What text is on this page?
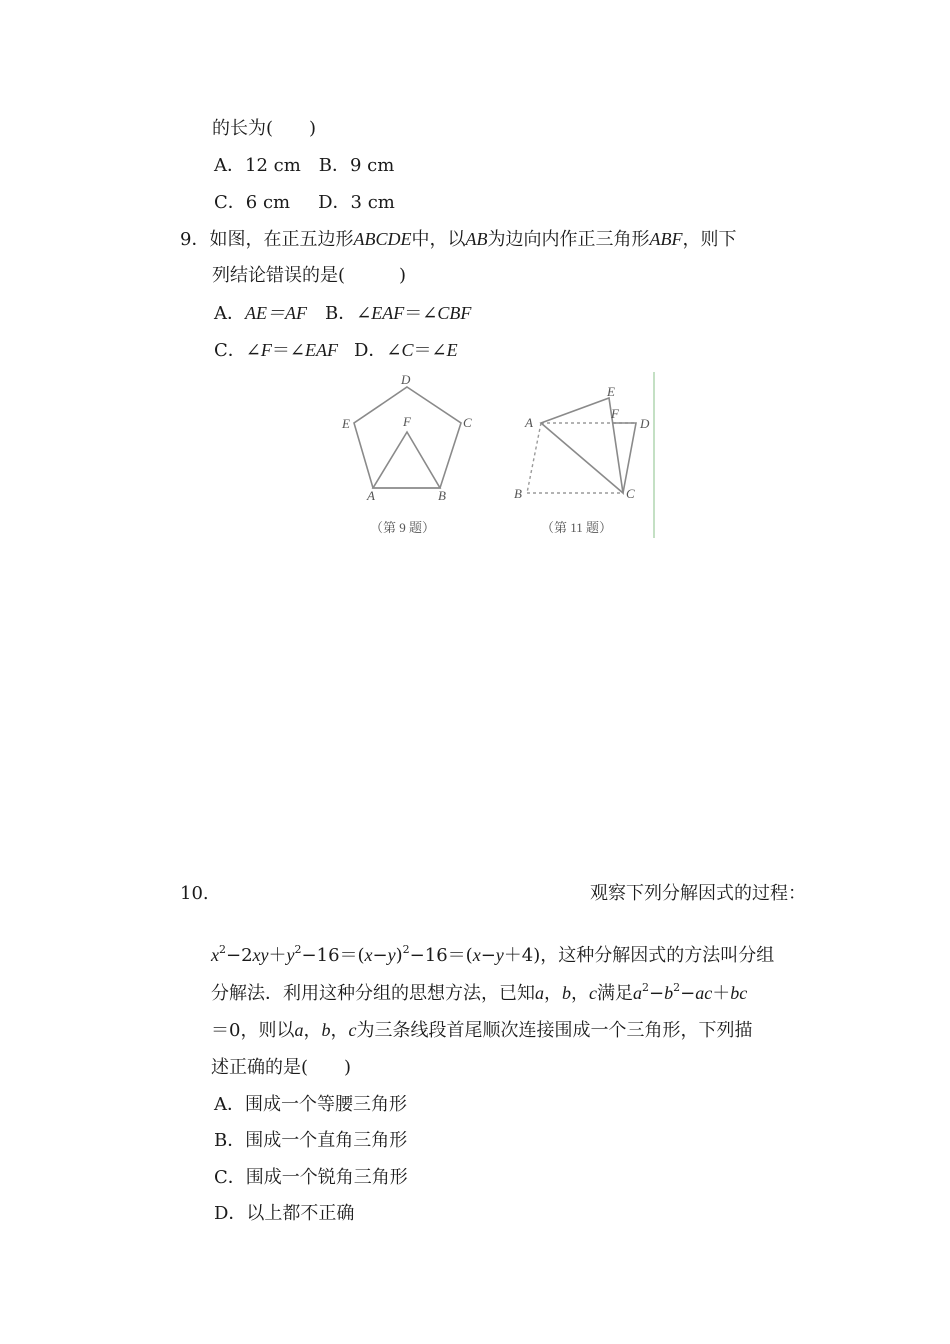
的长为(　　)
A．12 cm B．9 cm
C．6 cm D．3 cm
9．如图，在正五边形ABCDE中，以AB为边向内作正三角形ABF，则下
列结论错误的是(　　　)
A．AE＝AF B．∠EAF＝∠CBF
C．∠F＝∠EAF D．∠C＝∠E
D
C
E	F
A	B
（第 9 题）
E
F
D
A
B	C
（第 11 题）
10.	观察下列分解因式的过程：
$x^2-2xy+y^2-16=(x-y)^2-16=(x-y+4)$，这种分解因式的方法叫分组
分解法．利用这种分组的思想方法，已知a，b，c满足$a^2-b^2-ac+bc$
＝0，则以a，b，c为三条线段首尾顺次连接围成一个三角形，下列描
述正确的是(　　)
A．围成一个等腰三角形
B．围成一个直角三角形
C．围成一个锐角三角形
D．以上都不正确
